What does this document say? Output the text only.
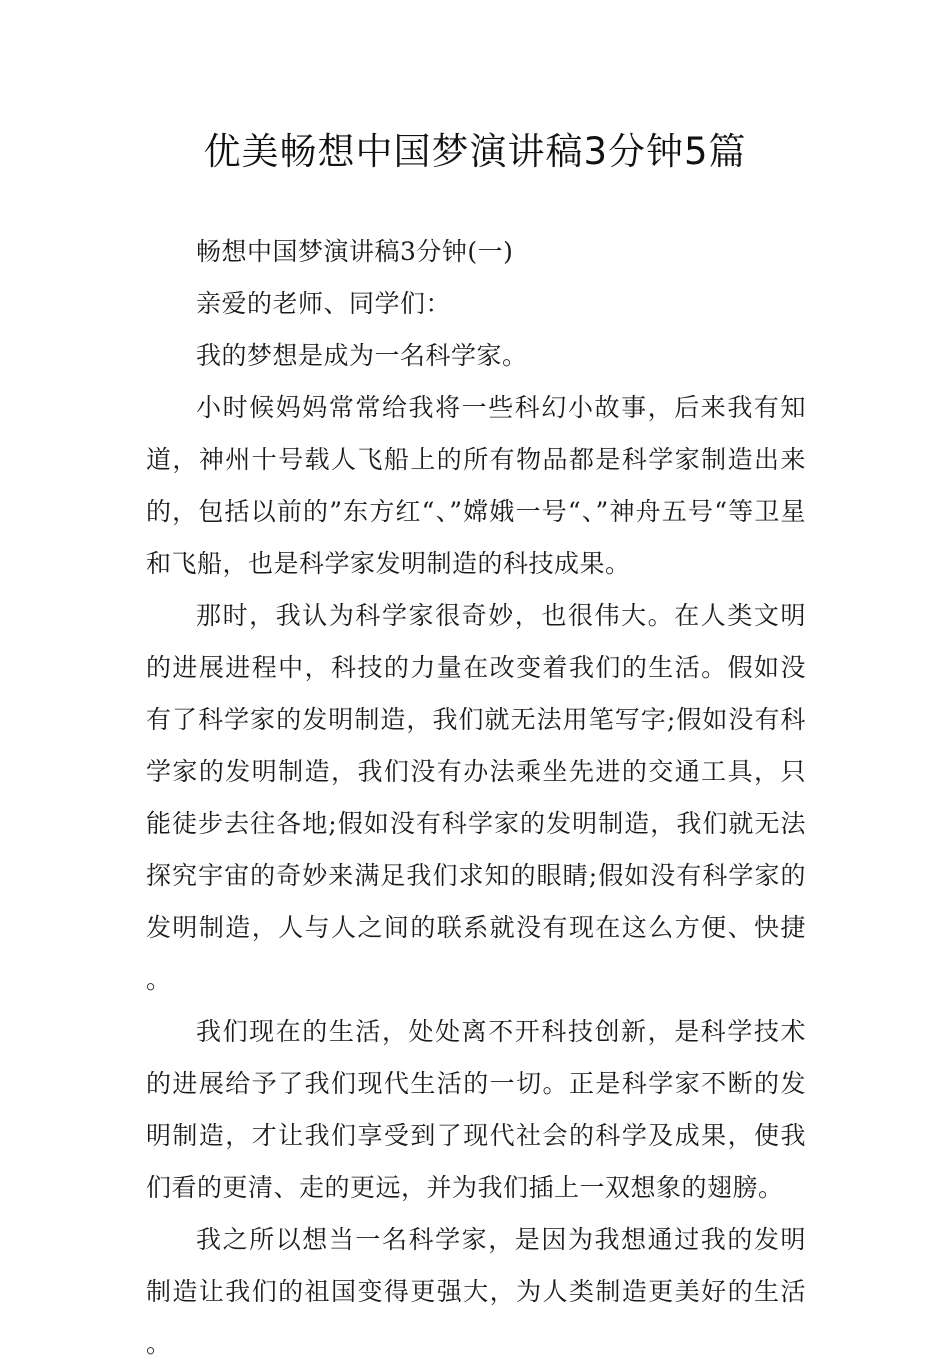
优美畅想中国梦演讲稿3分钟5篇

畅想中国梦演讲稿3分钟(一)

亲爱的老师、同学们：

我的梦想是成为一名科学家。

小时候妈妈常常给我将一些科幻小故事，后来我有知道，神州十号载人飞船上的所有物品都是科学家制造出来的，包括以前的”东方红“、”嫦娥一号“、”神舟五号“等卫星和飞船，也是科学家发明制造的科技成果。

那时，我认为科学家很奇妙，也很伟大。在人类文明的进展进程中，科技的力量在改变着我们的生活。假如没有了科学家的发明制造，我们就无法用笔写字;假如没有科学家的发明制造，我们没有办法乘坐先进的交通工具，只能徒步去往各地;假如没有科学家的发明制造，我们就无法探究宇宙的奇妙来满足我们求知的眼睛;假如没有科学家的发明制造，人与人之间的联系就没有现在这么方便、快捷。

我们现在的生活，处处离不开科技创新，是科学技术的进展给予了我们现代生活的一切。正是科学家不断的发明制造，才让我们享受到了现代社会的科学及成果，使我们看的更清、走的更远，并为我们插上一双想象的翅膀。

我之所以想当一名科学家，是因为我想通过我的发明制造让我们的祖国变得更强大，为人类制造更美好的生活。
